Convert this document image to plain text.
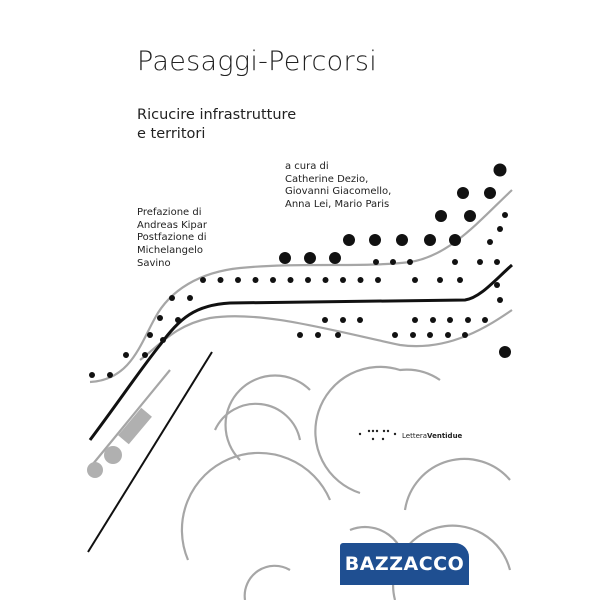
Paesaggi-Percorsi
Ricucire infrastrutture
e territori
a cura di
Catherine Dezio,
Giovanni Giacomello,
Anna Lei, Mario Paris
Prefazione di
Andreas Kipar
Postfazione di
Michelangelo
Savino
LetteraVentidue
BAZZACCO
